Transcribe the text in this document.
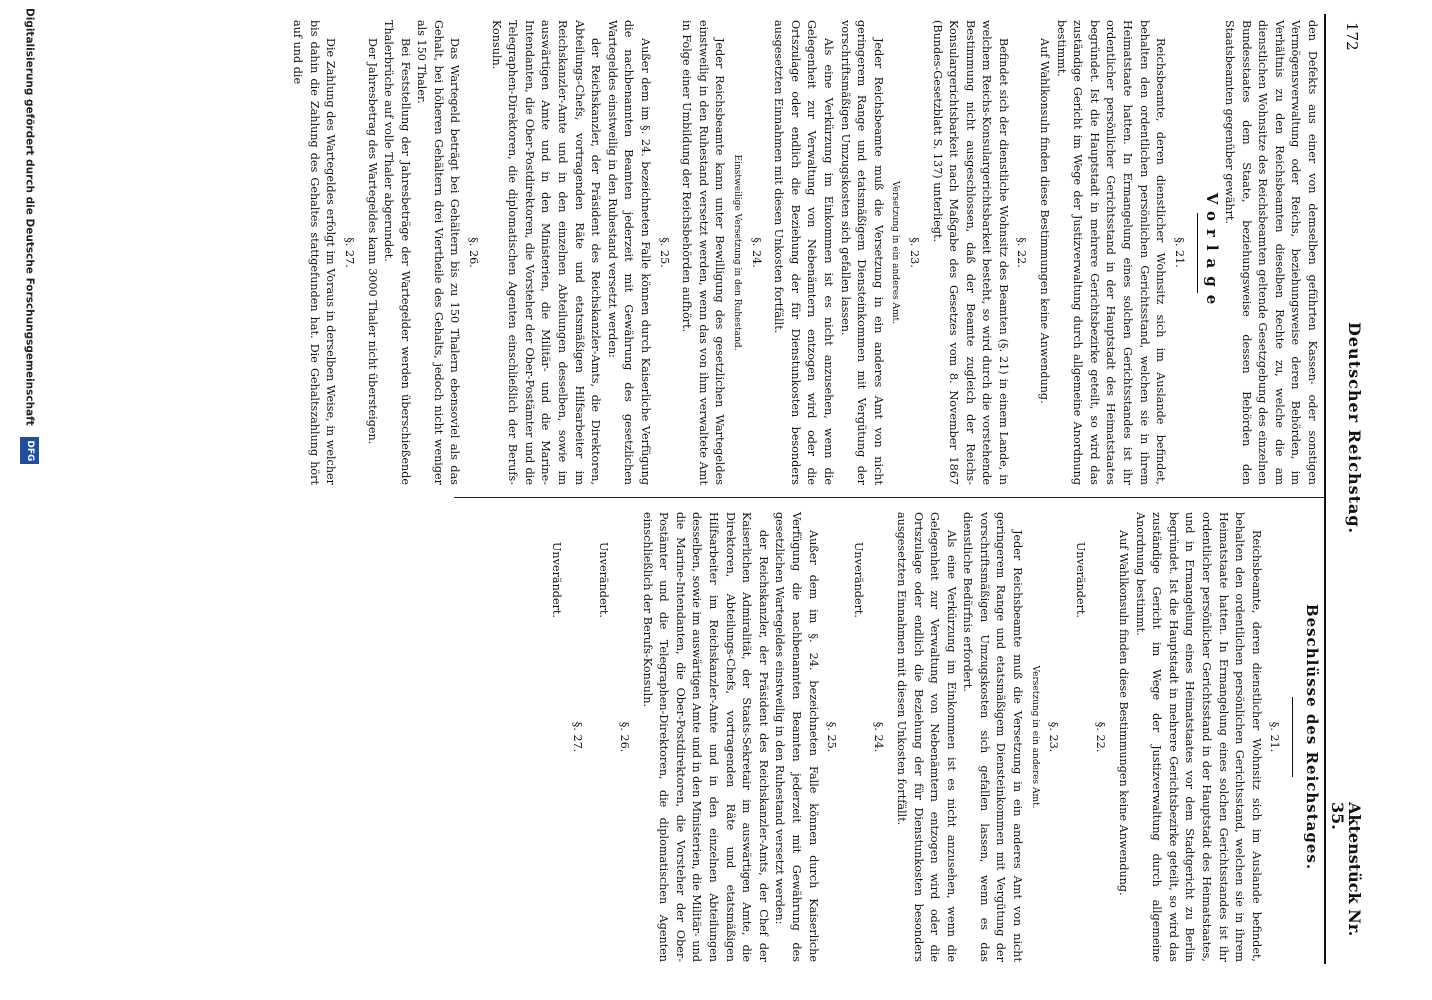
172
Deutscher Reichstag.
Aktenstück Nr. 35.

den Defekts aus einer von demselben geführten Kassen- oder sonstigen Vermögensverwaltung oder Reichs, beziehungsweise deren Behörden, im Verhältnis zu den Reichsbeamten dieselben Rechte zu, welche die am dienstlichen Wohnsitze des Reichsbeamten geltende Gesetzgebung des einzelnen Bundesstaates dem Staate, beziehungsweise dessen Behörden den Staatsbeamten gegenüber gewährt.

Vorlage
§. 21.

Reichsbeamte, deren dienstlicher Wohnsitz sich im Auslande befindet, behalten den ordentlichen persönlichen Gerichtsstand, welchen sie in ihrem Heimatstaate hatten. In Ermangelung eines solchen Gerichtsstandes ist ihr ordentlicher persönlicher Gerichtsstand in der Hauptstadt des Heimatstaates begründet. Ist die Hauptstadt in mehrere Gerichtsbezirke geteilt, so wird das zuständige Gericht im Wege der Justizverwaltung durch allgemeine Anordnung bestimmt.

Auf Wahlkonsuln finden diese Bestimmungen keine Anwendung.

§. 22.

Befindet sich der dienstliche Wohnsitz des Beamten (§. 21) in einem Lande, in welchem Reichs-Konsulargerichtsbarkeit besteht, so wird durch die vorstehende Bestimmung nicht ausgeschlossen, daß der Beamte zugleich der Reichs-Konsulargerichtsbarkeit nach Maßgabe des Gesetzes vom 8. November 1867 (Bundes-Gesetzblatt S. 137) unterliegt.

§. 23.
Versetzung in ein anderes Amt.

Jeder Reichsbeamte muß die Versetzung in ein anderes Amt von nicht geringerem Range und etatsmäßigem Diensteinkommen mit Vergütung der vorschriftsmäßigen Umzugskosten sich gefallen lassen.

Als eine Verkürzung im Einkommen ist es nicht anzusehen, wenn die Gelegenheit zur Verwaltung von Nebenämtern entzogen wird oder die Ortszulage oder endlich die Beziehung der für Dienstunkosten besonders ausgesetzten Einnahmen mit diesen Unkosten fortfällt.

§. 24.
Einstweilige Versetzung in den Ruhestand.

Jeder Reichsbeamte kann unter Bewilligung des gesetzlichen Wartegeldes einstweilig in den Ruhestand versetzt werden, wenn das von ihm verwaltete Amt in Folge einer Umbildung der Reichsbehörden aufhört.

§. 25.

Außer dem im §. 24. bezeichneten Falle können durch Kaiserliche Verfügung die nachbenannten Beamten jederzeit mit Gewährung des gesetzlichen Wartegeldes einstweilig in den Ruhestand versetzt werden:

der Reichskanzler, der Präsident des Reichskanzler-Amts, die Direktoren, Abteilungs-Chefs, vortragenden Räte und etatsmäßigen Hilfsarbeiter im Reichskanzler-Amte und in den einzelnen Abteilungen desselben, sowie im auswärtigen Amte und in den Ministerien, die Militär- und die Marine-Intendanten, die Ober-Postdirektoren, die Vorsteher der Ober-Postämter und die Telegraphen-Direktoren, die diplomatischen Agenten einschließlich der Berufs-Konsuln.

§. 26.

Das Wartegeld beträgt bei Gehältern bis zu 150 Thalern ebensoviel als das Gehalt, bei höheren Gehältern drei Viertheile des Gehalts, jedoch nicht weniger als 150 Thaler.

Bei Feststellung der Jahresbeträge der Wartegelder werden überschießende Thalerbrüche auf volle Thaler abgerundet.

Der Jahresbetrag des Wartegeldes kann 3000 Thaler nicht übersteigen.

§. 27.

Die Zahlung des Wartegeldes erfolgt im Voraus in derselben Weise, in welcher bis dahin die Zahlung des Gehaltes stattgefunden hat. Die Gehaltszahlung hört auf und die

Beschlüsse des Reichstages.
§. 21.

Reichsbeamte, deren dienstlicher Wohnsitz sich im Auslande befindet, behalten den ordentlichen persönlichen Gerichtsstand, welchen sie in ihrem Heimatstaate hatten. In Ermangelung eines solchen Gerichtsstandes ist ihr ordentlicher persönlicher Gerichtsstand in der Hauptstadt des Heimatstaates, und in Ermangelung eines Heimatstaates vor dem Stadtgericht zu Berlin begründet. Ist die Hauptstadt in mehrere Gerichtsbezirke geteilt, so wird das zuständige Gericht im Wege der Justizverwaltung durch allgemeine Anordnung bestimmt.

Auf Wahlkonsuln finden diese Bestimmungen keine Anwendung.

§. 22.
Unverändert.
§. 23.
Versetzung in ein anderes Amt.

Jeder Reichsbeamte muß die Versetzung in ein anderes Amt von nicht geringerem Range und etatsmäßigem Diensteinkommen mit Vergütung der vorschriftsmäßigen Umzugskosten sich gefallen lassen, wenn es das dienstliche Bedürfnis erfordert.

Als eine Verkürzung im Einkommen ist es nicht anzusehen, wenn die Gelegenheit zur Verwaltung von Nebenämtern entzogen wird oder die Ortszulage oder endlich die Beziehung der für Dienstunkosten besonders ausgesetzten Einnahmen mit diesen Unkosten fortfällt.

§. 24.
Unverändert.
§. 25.

Außer dem im §. 24. bezeichneten Falle können durch Kaiserliche Verfügung die nachbenannten Beamten jederzeit mit Gewährung des gesetzlichen Wartegeldes einstweilig in den Ruhestand versetzt werden:

der Reichskanzler, der Präsident des Reichskanzler-Amts, der Chef der Kaiserlichen Admiralität, der Staats-Sekretair im auswärtigen Amte, die Direktoren, Abteilungs-Chefs, vortragenden Räte und etatsmäßigen Hilfsarbeiter im Reichskanzler-Amte und in den einzelnen Abteilungen desselben, sowie im auswärtigen Amte und in den Ministerien, die Militär- und die Marine-Intendanten, die Ober-Postdirektoren, die Vorsteher der Ober-Postämter und die Telegraphen-Direktoren, die diplomatischen Agenten einschließlich der Berufs-Konsuln.

§. 26.
Unverändert.
§. 27.
Unverändert.
Digitalisierung gefördert durch die Deutsche Forschungsgemeinschaft DFG
